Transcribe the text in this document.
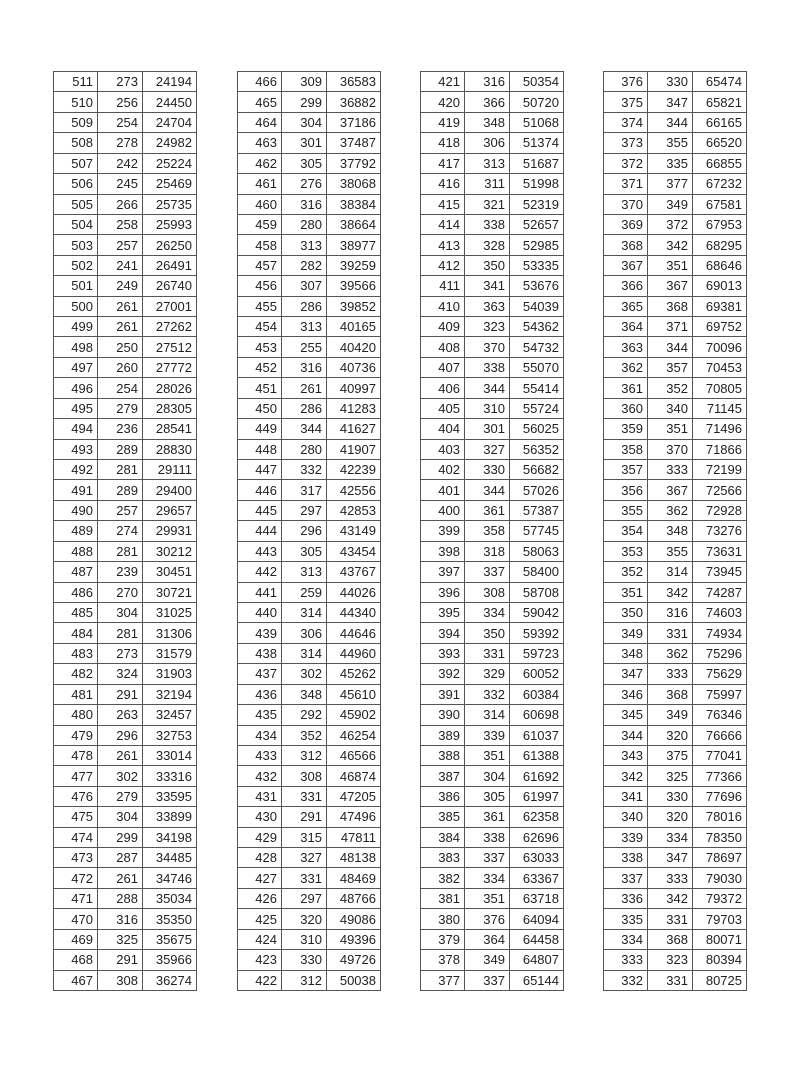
511	273	24194
510	256	24450
509	254	24704
508	278	24982
507	242	25224
506	245	25469
505	266	25735
504	258	25993
503	257	26250
502	241	26491
501	249	26740
500	261	27001
499	261	27262
498	250	27512
497	260	27772
496	254	28026
495	279	28305
494	236	28541
493	289	28830
492	281	29111
491	289	29400
490	257	29657
489	274	29931
488	281	30212
487	239	30451
486	270	30721
485	304	31025
484	281	31306
483	273	31579
482	324	31903
481	291	32194
480	263	32457
479	296	32753
478	261	33014
477	302	33316
476	279	33595
475	304	33899
474	299	34198
473	287	34485
472	261	34746
471	288	35034
470	316	35350
469	325	35675
468	291	35966
467	308	36274
466	309	36583
465	299	36882
464	304	37186
463	301	37487
462	305	37792
461	276	38068
460	316	38384
459	280	38664
458	313	38977
457	282	39259
456	307	39566
455	286	39852
454	313	40165
453	255	40420
452	316	40736
451	261	40997
450	286	41283
449	344	41627
448	280	41907
447	332	42239
446	317	42556
445	297	42853
444	296	43149
443	305	43454
442	313	43767
441	259	44026
440	314	44340
439	306	44646
438	314	44960
437	302	45262
436	348	45610
435	292	45902
434	352	46254
433	312	46566
432	308	46874
431	331	47205
430	291	47496
429	315	47811
428	327	48138
427	331	48469
426	297	48766
425	320	49086
424	310	49396
423	330	49726
422	312	50038
421	316	50354
420	366	50720
419	348	51068
418	306	51374
417	313	51687
416	311	51998
415	321	52319
414	338	52657
413	328	52985
412	350	53335
411	341	53676
410	363	54039
409	323	54362
408	370	54732
407	338	55070
406	344	55414
405	310	55724
404	301	56025
403	327	56352
402	330	56682
401	344	57026
400	361	57387
399	358	57745
398	318	58063
397	337	58400
396	308	58708
395	334	59042
394	350	59392
393	331	59723
392	329	60052
391	332	60384
390	314	60698
389	339	61037
388	351	61388
387	304	61692
386	305	61997
385	361	62358
384	338	62696
383	337	63033
382	334	63367
381	351	63718
380	376	64094
379	364	64458
378	349	64807
377	337	65144
376	330	65474
375	347	65821
374	344	66165
373	355	66520
372	335	66855
371	377	67232
370	349	67581
369	372	67953
368	342	68295
367	351	68646
366	367	69013
365	368	69381
364	371	69752
363	344	70096
362	357	70453
361	352	70805
360	340	71145
359	351	71496
358	370	71866
357	333	72199
356	367	72566
355	362	72928
354	348	73276
353	355	73631
352	314	73945
351	342	74287
350	316	74603
349	331	74934
348	362	75296
347	333	75629
346	368	75997
345	349	76346
344	320	76666
343	375	77041
342	325	77366
341	330	77696
340	320	78016
339	334	78350
338	347	78697
337	333	79030
336	342	79372
335	331	79703
334	368	80071
333	323	80394
332	331	80725
